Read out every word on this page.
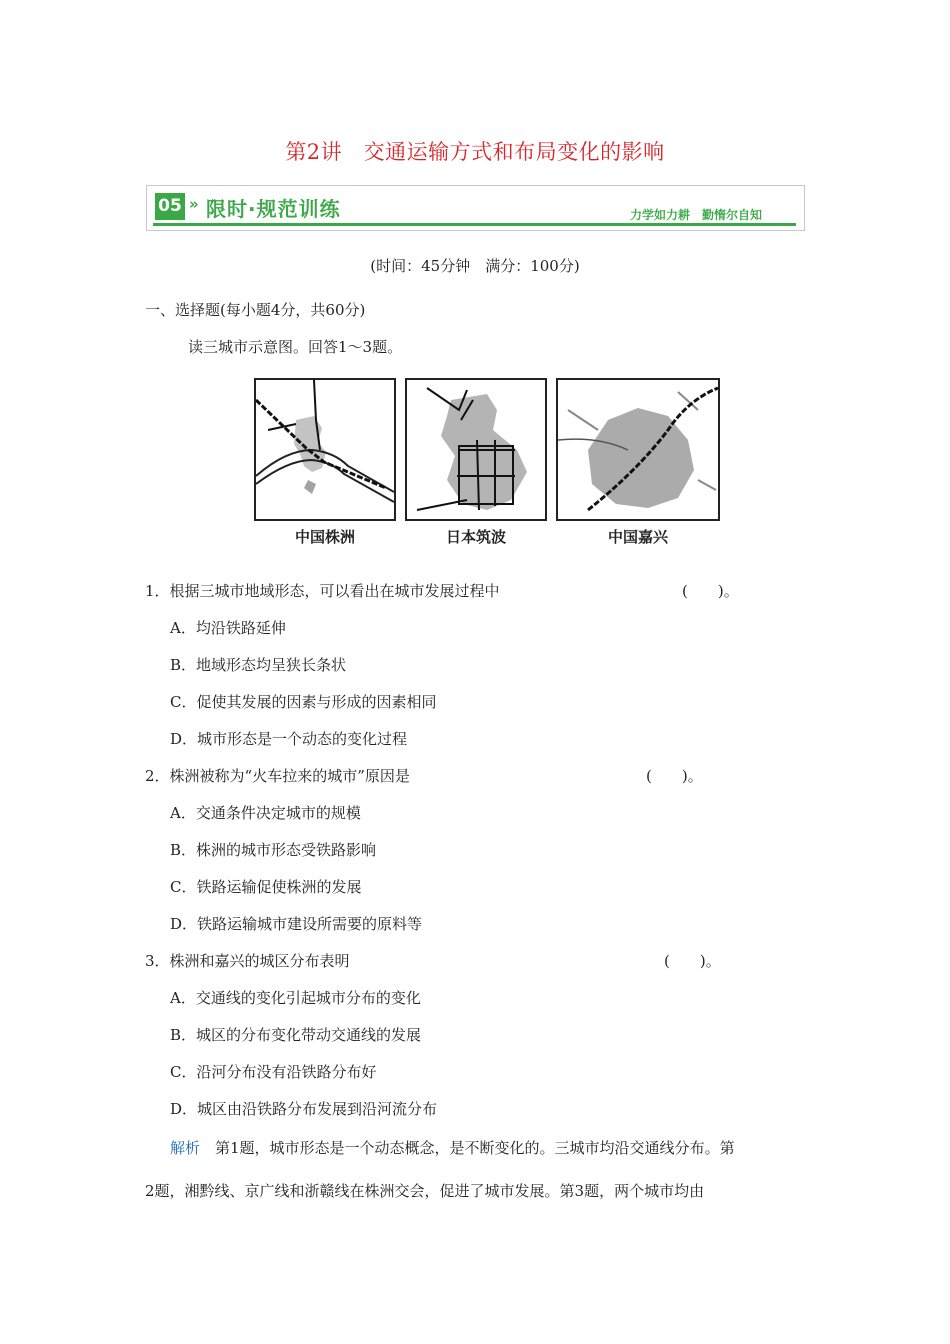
第2讲　交通运输方式和布局变化的影响
05 » 限时·规范训练	力学如力耕　勤惰尔自知
(时间：45分钟　满分：100分)
一、选择题(每小题4分，共60分)
读三城市示意图。回答1～3题。
中国株洲	日本筑波	中国嘉兴
1．根据三城市地域形态，可以看出在城市发展过程中	(　　)。
A．均沿铁路延伸
B．地域形态均呈狭长条状
C．促使其发展的因素与形成的因素相同
D．城市形态是一个动态的变化过程
2．株洲被称为“火车拉来的城市”原因是	(　　)。
A．交通条件决定城市的规模
B．株洲的城市形态受铁路影响
C．铁路运输促使株洲的发展
D．铁路运输城市建设所需要的原料等
3．株洲和嘉兴的城区分布表明	(　　)。
A．交通线的变化引起城市分布的变化
B．城区的分布变化带动交通线的发展
C．沿河分布没有沿铁路分布好
D．城区由沿铁路分布发展到沿河流分布
解析　第1题，城市形态是一个动态概念，是不断变化的。三城市均沿交通线分布。第
2题，湘黔线、京广线和浙赣线在株洲交会，促进了城市发展。第3题，两个城市均由
